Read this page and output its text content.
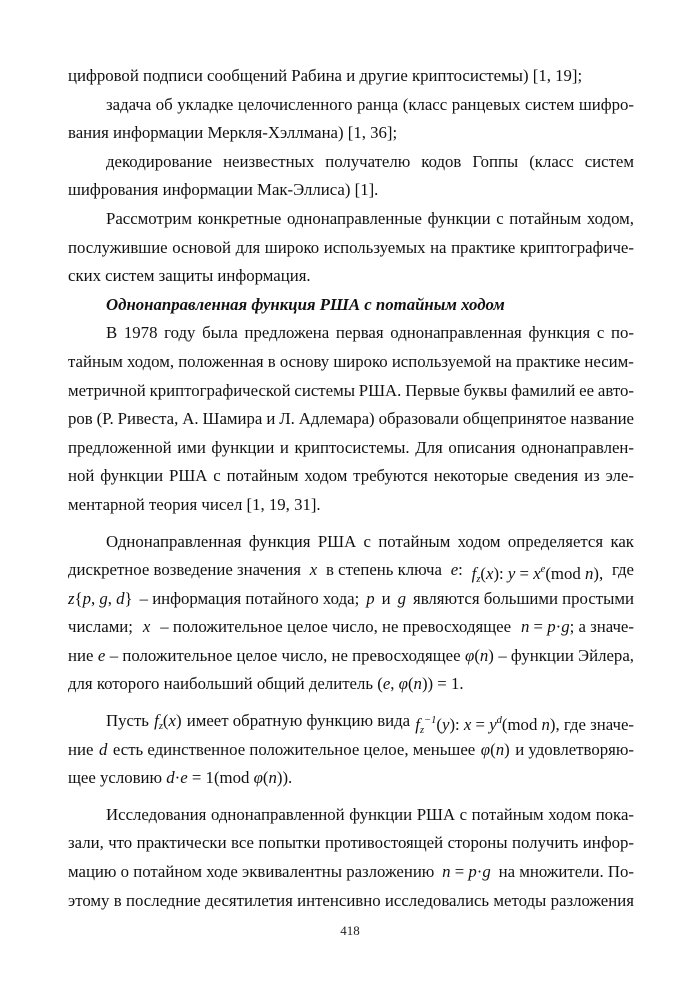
цифровой подписи сообщений Рабина и другие криптосистемы) [1, 19];
задача об укладке целочисленного ранца (класс ранцевых систем шифро-
вания информации Меркля-Хэллмана) [1, 36];
декодирование неизвестных получателю кодов Гоппы (класс систем
шифрования информации Мак-Эллиса) [1].
Рассмотрим конкретные однонаправленные функции с потайным ходом,
послужившие основой для широко используемых на практике криптографиче-
ских систем защиты информация.
Однонаправленная функция РША с потайным ходом
В 1978 году была предложена первая однонаправленная функция с по-
тайным ходом, положенная в основу широко используемой на практике несим-
метричной криптографической системы РША. Первые буквы фамилий ее авто-
ров (Р. Ривеста, А. Шамира и Л. Адлемара) образовали общепринятое название
предложенной ими функции и криптосистемы. Для описания однонаправлен-
ной функции РША с потайным ходом требуются некоторые сведения из эле-
ментарной теория чисел [1, 19, 31].
Однонаправленная функция РША с потайным ходом определяется как
дискретное возведение значения x в степень ключа e: $f_z(x)$: $y = x^e(mod$ n), где
z{p, g, d} – информация потайного хода; p и g являются большими простыми
числами; x – положительное целое число, не превосходящее n = p·g; а значе-
ние e – положительное целое число, не превосходящее φ(n) – функции Эйлера,
для которого наибольший общий делитель
(e, φ(n)) = 1.
Пусть $f_z(x)$ имеет обратную функцию вида $f_z^{-1}(y)$: $x = y^d(mod$ n), где значе-
ние d есть единственное положительное целое, меньшее φ(n) и удовлетворяю-
щее условию
d·e = 1(mod φ(n)).
Исследования однонаправленной функции РША с потайным ходом пока-
зали, что практически все попытки противостоящей стороны получить инфор-
мацию о потайном ходе эквивалентны разложению n = p·g на множители. По-
этому в последние десятилетия интенсивно исследовались методы разложения
418
